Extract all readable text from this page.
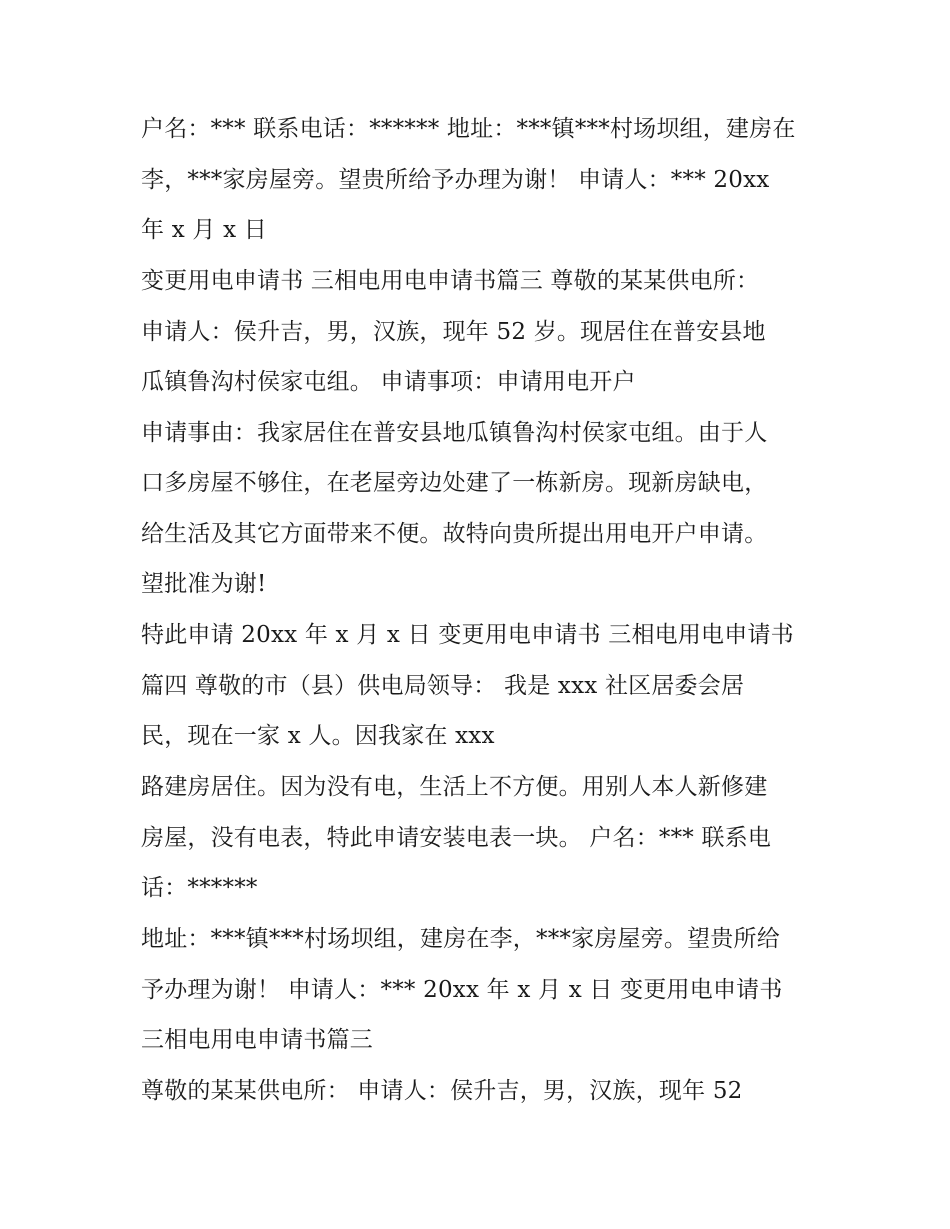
户名：*** 联系电话：****** 地址：***镇***村场坝组，建房在
李，***家房屋旁。望贵所给予办理为谢！ 申请人：*** 20xx
年 x 月 x 日
变更用电申请书 三相电用电申请书篇三 尊敬的某某供电所：
申请人：侯升吉，男，汉族，现年 52 岁。现居住在普安县地
瓜镇鲁沟村侯家屯组。 申请事项：申请用电开户
申请事由：我家居住在普安县地瓜镇鲁沟村侯家屯组。由于人
口多房屋不够住，在老屋旁边处建了一栋新房。现新房缺电，
给生活及其它方面带来不便。故特向贵所提出用电开户申请。
望批准为谢!
特此申请 20xx 年 x 月 x 日 变更用电申请书 三相电用电申请书
篇四 尊敬的市（县）供电局领导： 我是 xxx 社区居委会居
民，现在一家 x 人。因我家在 xxx
路建房居住。因为没有电，生活上不方便。用别人本人新修建
房屋，没有电表，特此申请安装电表一块。 户名：*** 联系电
话：******
地址：***镇***村场坝组，建房在李，***家房屋旁。望贵所给
予办理为谢！ 申请人：*** 20xx 年 x 月 x 日 变更用电申请书
三相电用电申请书篇三
尊敬的某某供电所： 申请人：侯升吉，男，汉族，现年 52
